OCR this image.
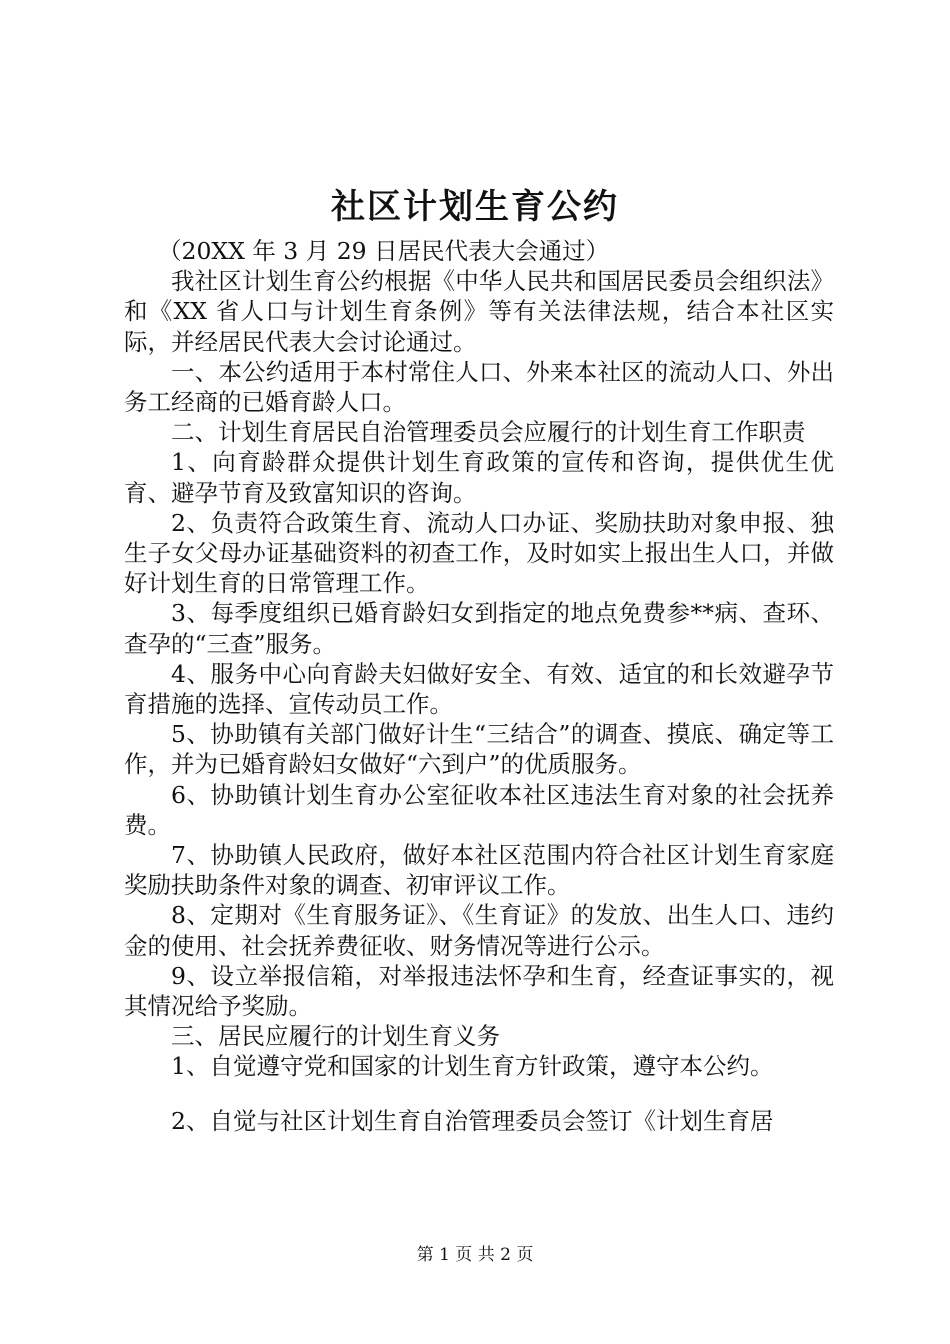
社区计划生育公约

（20XX 年 3 月 29 日居民代表大会通过）

我社区计划生育公约根据《中华人民共和国居民委员会组织法》和《XX 省人口与计划生育条例》等有关法律法规，结合本社区实际，并经居民代表大会讨论通过。

一、本公约适用于本村常住人口、外来本社区的流动人口、外出务工经商的已婚育龄人口。

二、计划生育居民自治管理委员会应履行的计划生育工作职责

1、向育龄群众提供计划生育政策的宣传和咨询，提供优生优育、避孕节育及致富知识的咨询。

2、负责符合政策生育、流动人口办证、奖励扶助对象申报、独生子女父母办证基础资料的初查工作，及时如实上报出生人口，并做好计划生育的日常管理工作。

3、每季度组织已婚育龄妇女到指定的地点免费参**病、查环、查孕的“三查”服务。

4、服务中心向育龄夫妇做好安全、有效、适宜的和长效避孕节育措施的选择、宣传动员工作。

5、协助镇有关部门做好计生“三结合”的调查、摸底、确定等工作，并为已婚育龄妇女做好“六到户”的优质服务。

6、协助镇计划生育办公室征收本社区违法生育对象的社会抚养费。

7、协助镇人民政府，做好本社区范围内符合社区计划生育家庭奖励扶助条件对象的调查、初审评议工作。

8、定期对《生育服务证》、《生育证》的发放、出生人口、违约金的使用、社会抚养费征收、财务情况等进行公示。

9、设立举报信箱，对举报违法怀孕和生育，经查证事实的，视其情况给予奖励。

三、居民应履行的计划生育义务

1、自觉遵守党和国家的计划生育方针政策，遵守本公约。

2、自觉与社区计划生育自治管理委员会签订《计划生育居

第 1 页 共 2 页
